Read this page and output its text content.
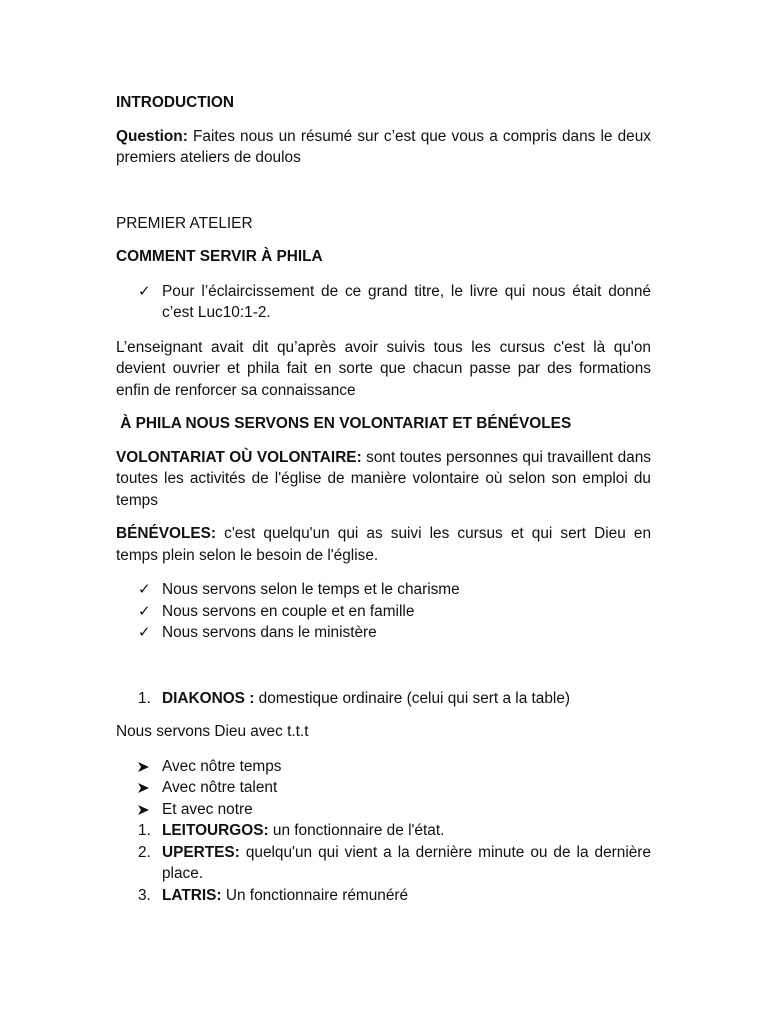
INTRODUCTION

Question: Faites nous un résumé sur c’est que vous a compris dans le deux premiers ateliers de doulos

PREMIER ATELIER

COMMENT SERVIR À PHILA

✓ Pour l’éclaircissement de ce grand titre, le livre qui nous était donné c’est Luc10:1-2.

L’enseignant avait dit qu’après avoir suivis tous les cursus c'est là qu'on devient ouvrier et phila fait en sorte que chacun passe par des formations enfin de renforcer sa connaissance

À PHILA NOUS SERVONS EN VOLONTARIAT ET BÉNÉVOLES

VOLONTARIAT OÙ VOLONTAIRE: sont toutes personnes qui travaillent dans toutes les activités de l'église de manière volontaire où selon son emploi du temps

BÉNÉVOLES: c'est quelqu'un qui as suivi les cursus et qui sert Dieu en temps plein selon le besoin de l'église.

✓ Nous servons selon le temps et le charisme
✓ Nous servons en couple et en famille
✓ Nous servons dans le ministère
1. DIAKONOS : domestique ordinaire (celui qui sert a la table)

Nous servons Dieu avec t.t.t

Avec nôtre temps
Avec nôtre talent
Et avec notre
1. LEITOURGOS: un fonctionnaire de l'état.
2. UPERTES: quelqu'un qui vient a la dernière minute ou de la dernière place.
3. LATRIS: Un fonctionnaire rémunéré
